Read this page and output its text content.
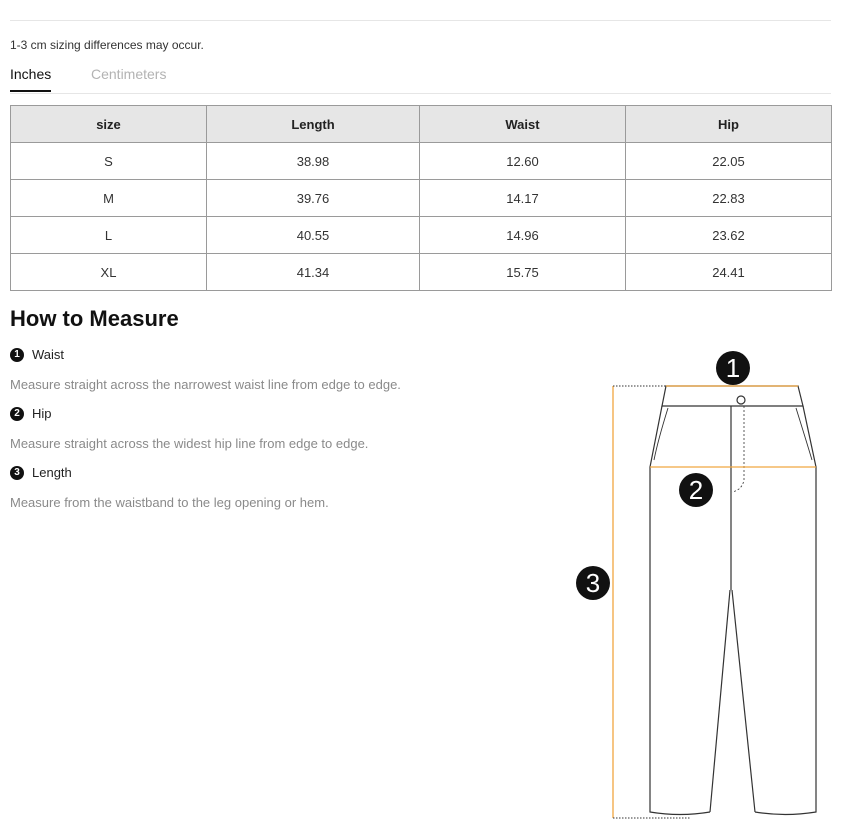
1-3 cm sizing differences may occur.
Inches	Centimeters
size	Length	Waist	Hip
S	38.98	12.60	22.05
M	39.76	14.17	22.83
L	40.55	14.96	23.62
XL	41.34	15.75	24.41
How to Measure
1 Waist
Measure straight across the narrowest waist line from edge to edge.
2 Hip
Measure straight across the widest hip line from edge to edge.
3 Length
Measure from the waistband to the leg opening or hem.
1
2
3
